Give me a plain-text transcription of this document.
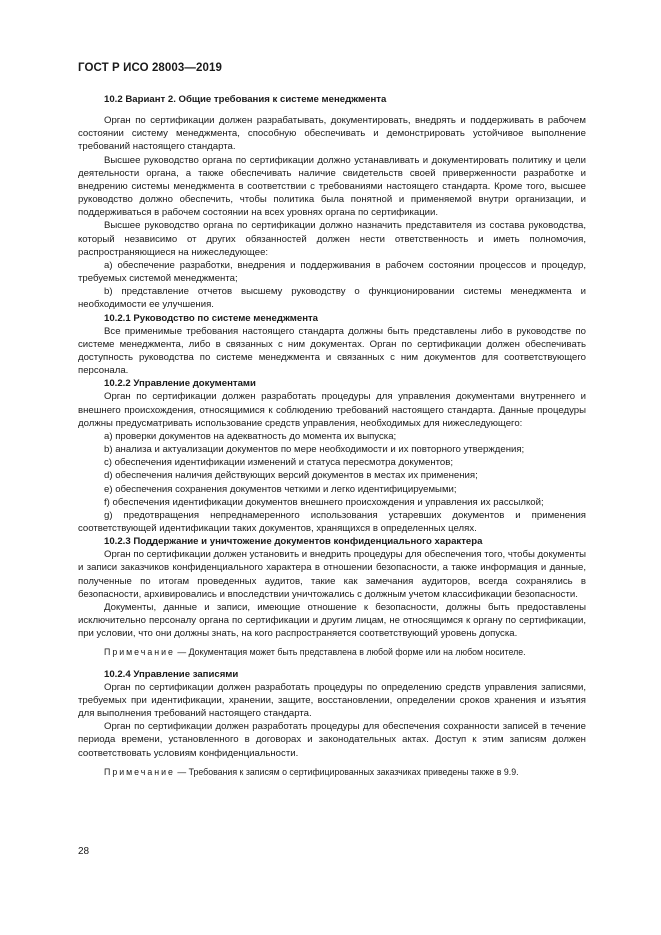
ГОСТ Р ИСО 28003—2019
10.2 Вариант 2. Общие требования к системе менеджмента

Орган по сертификации должен разрабатывать, документировать, внедрять и поддерживать в рабочем состоянии систему менеджмента, способную обеспечивать и демонстрировать устойчивое выполнение требований настоящего стандарта.

Высшее руководство органа по сертификации должно устанавливать и документировать политику и цели деятельности органа, а также обеспечивать наличие свидетельств своей приверженности разработке и внедрению системы менеджмента в соответствии с требованиями настоящего стандарта. Кроме того, высшее руководство должно обеспечить, чтобы политика была понятной и применяемой внутри организации, и поддерживаться в рабочем состоянии на всех уровнях органа по сертификации.

Высшее руководство органа по сертификации должно назначить представителя из состава руководства, который независимо от других обязанностей должен нести ответственность и иметь полномочия, распространяющиеся на нижеследующее:

a) обеспечение разработки, внедрения и поддерживания в рабочем состоянии процессов и процедур, требуемых системой менеджмента;

b) представление отчетов высшему руководству о функционировании системы менеджмента и необходимости ее улучшения.

10.2.1 Руководство по системе менеджмента

Все применимые требования настоящего стандарта должны быть представлены либо в руководстве по системе менеджмента, либо в связанных с ним документах. Орган по сертификации должен обеспечивать доступность руководства по системе менеджмента и связанных с ним документов для соответствующего персонала.

10.2.2 Управление документами

Орган по сертификации должен разработать процедуры для управления документами внутреннего и внешнего происхождения, относящимися к соблюдению требований настоящего стандарта. Данные процедуры должны предусматривать использование средств управления, необходимых для нижеследующего:

a) проверки документов на адекватность до момента их выпуска;

b) анализа и актуализации документов по мере необходимости и их повторного утверждения;

c) обеспечения идентификации изменений и статуса пересмотра документов;

d) обеспечения наличия действующих версий документов в местах их применения;

e) обеспечения сохранения документов четкими и легко идентифицируемыми;

f) обеспечения идентификации документов внешнего происхождения и управления их рассылкой;

g) предотвращения непреднамеренного использования устаревших документов и применения соответствующей идентификации таких документов, хранящихся в определенных целях.

10.2.3 Поддержание и уничтожение документов конфиденциального характера

Орган по сертификации должен установить и внедрить процедуры для обеспечения того, чтобы документы и записи заказчиков конфиденциального характера в отношении безопасности, а также информация и данные, полученные по итогам проведенных аудитов, такие как замечания аудиторов, всегда сохранялись в безопасности, архивировались и впоследствии уничтожались с должным учетом классификации безопасности.

Документы, данные и записи, имеющие отношение к безопасности, должны быть предоставлены исключительно персоналу органа по сертификации и другим лицам, не относящимся к органу по сертификации, при условии, что они должны знать, на кого распространяется соответствующий уровень допуска.

Примечание — Документация может быть представлена в любой форме или на любом носителе.

10.2.4 Управление записями

Орган по сертификации должен разработать процедуры по определению средств управления записями, требуемых при идентификации, хранении, защите, восстановлении, определении сроков хранения и изъятия для выполнения требований настоящего стандарта.

Орган по сертификации должен разработать процедуры для обеспечения сохранности записей в течение периода времени, установленного в договорах и законодательных актах. Доступ к этим записям должен соответствовать условиям конфиденциальности.

Примечание — Требования к записям о сертифицированных заказчиках приведены также в 9.9.

28
